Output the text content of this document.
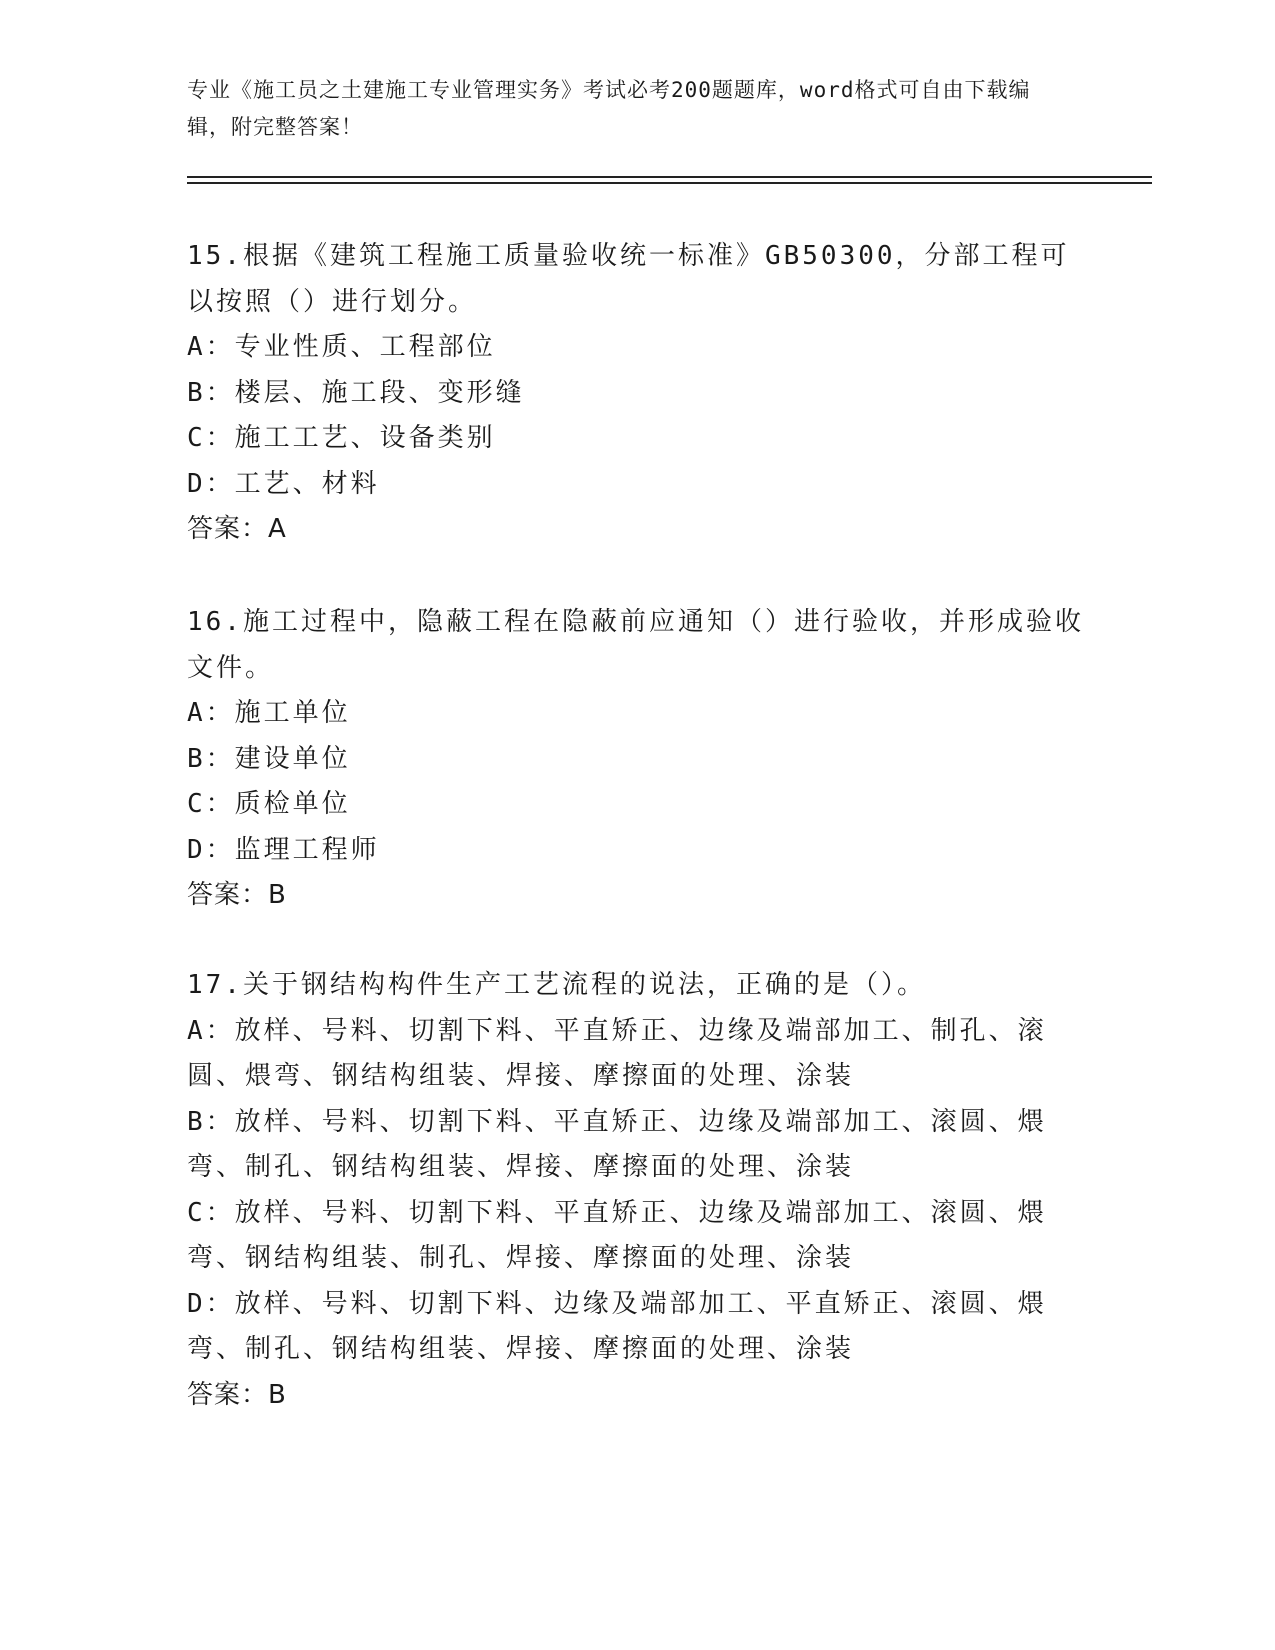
专业《施工员之土建施工专业管理实务》考试必考200题题库，word格式可自由下载编辑，附完整答案！

15.根据《建筑工程施工质量验收统一标准》GB50300，分部工程可以按照（）进行划分。

A：专业性质、工程部位

B：楼层、施工段、变形缝

C：施工工艺、设备类别

D：工艺、材料

答案：A

16.施工过程中，隐蔽工程在隐蔽前应通知（）进行验收，并形成验收文件。

A：施工单位

B：建设单位

C：质检单位

D：监理工程师

答案：B

17.关于钢结构构件生产工艺流程的说法，正确的是（）。

A：放样、号料、切割下料、平直矫正、边缘及端部加工、制孔、滚圆、煨弯、钢结构组装、焊接、摩擦面的处理、涂装

B：放样、号料、切割下料、平直矫正、边缘及端部加工、滚圆、煨弯、制孔、钢结构组装、焊接、摩擦面的处理、涂装

C：放样、号料、切割下料、平直矫正、边缘及端部加工、滚圆、煨弯、钢结构组装、制孔、焊接、摩擦面的处理、涂装

D：放样、号料、切割下料、边缘及端部加工、平直矫正、滚圆、煨弯、制孔、钢结构组装、焊接、摩擦面的处理、涂装

答案：B
